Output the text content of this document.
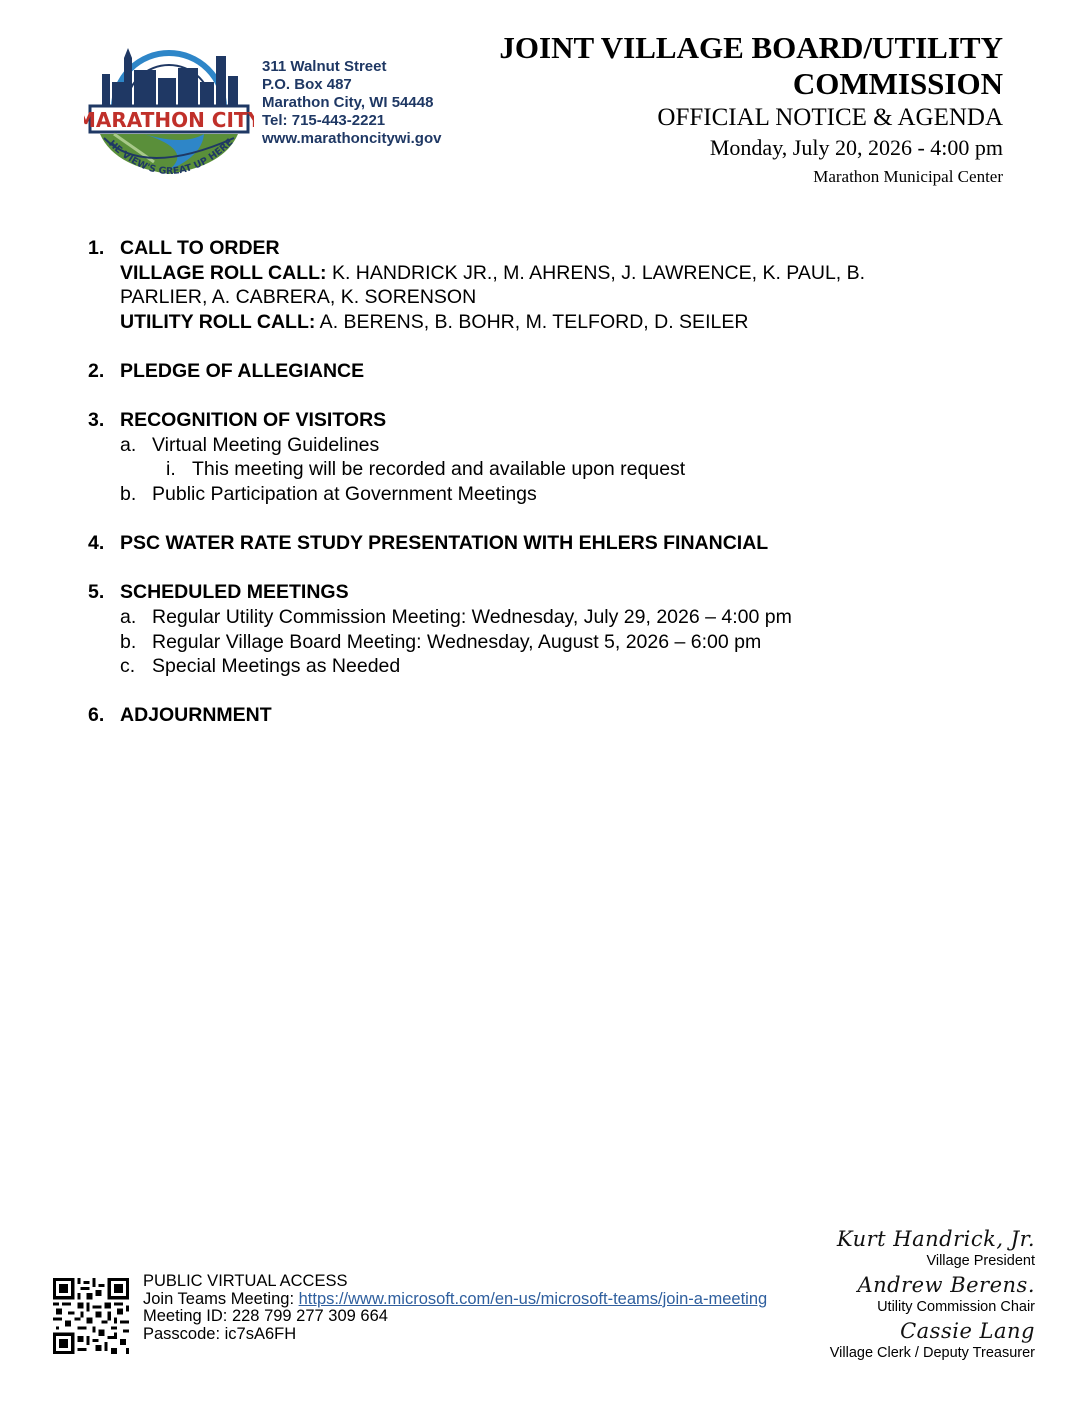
MARATHON CITY
HE VIEW'S GREAT UP HERE
311 Walnut Street
P.O. Box 487
Marathon City, WI 54448
Tel: 715-443-2221
www.marathoncitywi.gov
JOINT VILLAGE BOARD/UTILITY
COMMISSION
OFFICIAL NOTICE & AGENDA
Monday, July 20, 2026 - 4:00 pm
Marathon Municipal Center
1. CALL TO ORDER
VILLAGE ROLL CALL: K. HANDRICK JR., M. AHRENS, J. LAWRENCE, K. PAUL, B.
PARLIER, A. CABRERA, K. SORENSON
UTILITY ROLL CALL: A. BERENS, B. BOHR, M. TELFORD, D. SEILER
2. PLEDGE OF ALLEGIANCE
3. RECOGNITION OF VISITORS
a. Virtual Meeting Guidelines
i. This meeting will be recorded and available upon request
b. Public Participation at Government Meetings
4. PSC WATER RATE STUDY PRESENTATION WITH EHLERS FINANCIAL
5. SCHEDULED MEETINGS
a. Regular Utility Commission Meeting: Wednesday, July 29, 2026 – 4:00 pm
b. Regular Village Board Meeting: Wednesday, August 5, 2026 – 6:00 pm
c. Special Meetings as Needed
6. ADJOURNMENT
PUBLIC VIRTUAL ACCESS
Join Teams Meeting: https://www.microsoft.com/en-us/microsoft-teams/join-a-meeting
Meeting ID: 228 799 277 309 664
Passcode: ic7sA6FH
Kurt Handrick, Jr.
Village President
Andrew Berens.
Utility Commission Chair
Cassie Lang
Village Clerk / Deputy Treasurer
